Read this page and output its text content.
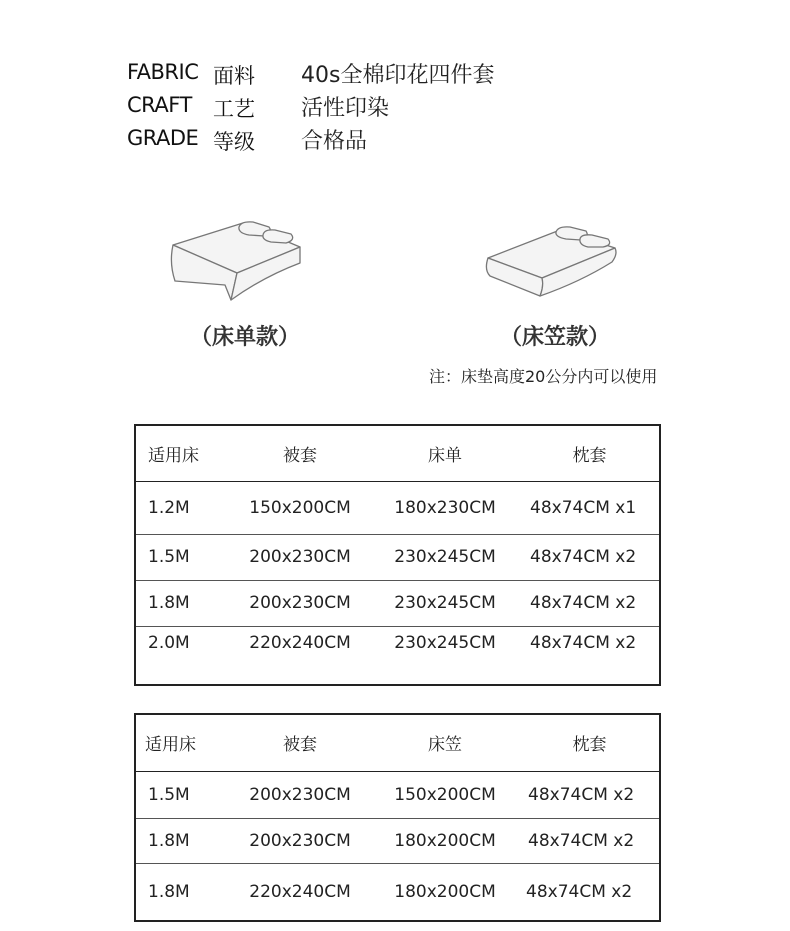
FABRIC 面料 40s全棉印花四件套
CRAFT 工艺 活性印染
GRADE 等级 合格品
（床单款）	（床笠款）
注：床垫高度20公分内可以使用
适用床	被套	床单	枕套
1.2M	150x200CM	180x230CM	48x74CM x1
1.5M	200x230CM	230x245CM	48x74CM x2
1.8M	200x230CM	230x245CM	48x74CM x2
2.0M	220x240CM	230x245CM	48x74CM x2
适用床	被套	床笠	枕套
1.5M	200x230CM	150x200CM	48x74CM x2
1.8M	200x230CM	180x200CM	48x74CM x2
1.8M	220x240CM	180x200CM	48x74CM x2
